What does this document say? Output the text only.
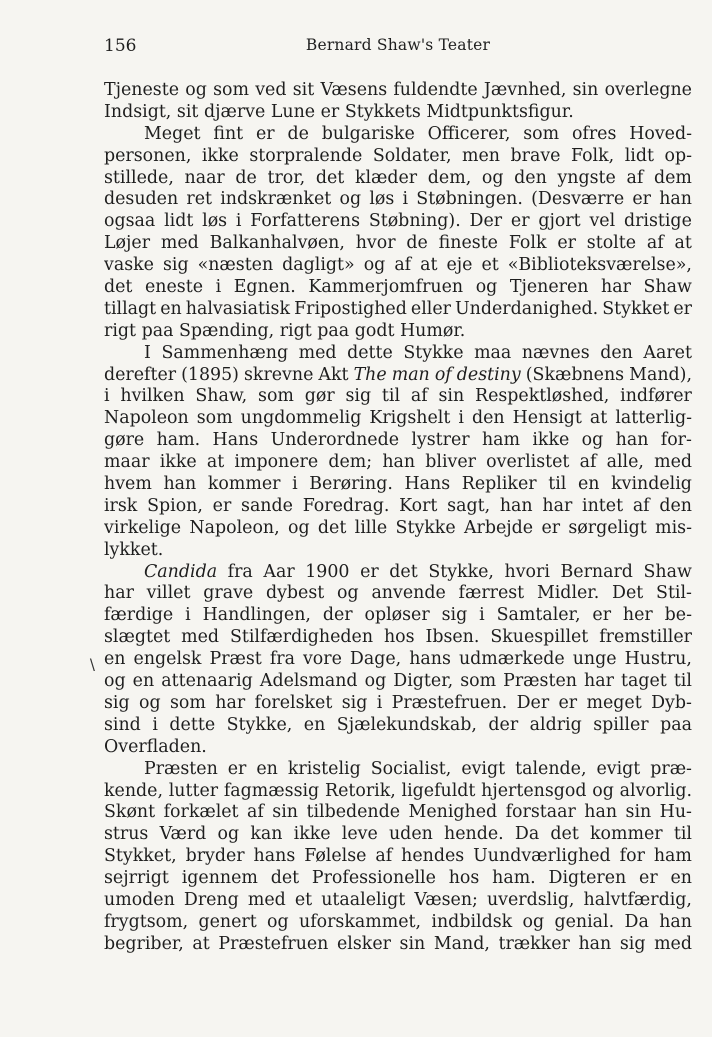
156	Bernard Shaw's Teater
∖
Tjeneste og som ved sit Væsens fuldendte Jævnhed, sin overlegne
Indsigt, sit djærve Lune er Stykkets Midtpunktsfigur.
Meget fint er de bulgariske Officerer, som ofres Hoved-
personen, ikke storpralende Soldater, men brave Folk, lidt op-
stillede, naar de tror, det klæder dem, og den yngste af dem
desuden ret indskrænket og løs i Støbningen. (Desværre er han
ogsaa lidt løs i Forfatterens Støbning). Der er gjort vel dristige
Løjer med Balkanhalvøen, hvor de fineste Folk er stolte af at
vaske sig «næsten dagligt» og af at eje et «Biblioteksværelse»,
det eneste i Egnen. Kammerjomfruen og Tjeneren har Shaw
tillagt en halvasiatisk Fripostighed eller Underdanighed. Stykket er
rigt paa Spænding, rigt paa godt Humør.
I Sammenhæng med dette Stykke maa nævnes den Aaret
derefter (1895) skrevne Akt The man of destiny (Skæbnens Mand),
i hvilken Shaw, som gør sig til af sin Respektløshed, indfører
Napoleon som ungdommelig Krigshelt i den Hensigt at latterlig-
gøre ham. Hans Underordnede lystrer ham ikke og han for-
maar ikke at imponere dem; han bliver overlistet af alle, med
hvem han kommer i Berøring. Hans Repliker til en kvindelig
irsk Spion, er sande Foredrag. Kort sagt, han har intet af den
virkelige Napoleon, og det lille Stykke Arbejde er sørgeligt mis-
lykket.
Candida fra Aar 1900 er det Stykke, hvori Bernard Shaw
har villet grave dybest og anvende færrest Midler. Det Stil-
færdige i Handlingen, der opløser sig i Samtaler, er her be-
slægtet med Stilfærdigheden hos Ibsen. Skuespillet fremstiller
en engelsk Præst fra vore Dage, hans udmærkede unge Hustru,
og en attenaarig Adelsmand og Digter, som Præsten har taget til
sig og som har forelsket sig i Præstefruen. Der er meget Dyb-
sind i dette Stykke, en Sjælekundskab, der aldrig spiller paa
Overfladen.
Præsten er en kristelig Socialist, evigt talende, evigt præ-
kende, lutter fagmæssig Retorik, ligefuldt hjertensgod og alvorlig.
Skønt forkælet af sin tilbedende Menighed forstaar han sin Hu-
strus Værd og kan ikke leve uden hende. Da det kommer til
Stykket, bryder hans Følelse af hendes Uundværlighed for ham
sejrrigt igennem det Professionelle hos ham. Digteren er en
umoden Dreng med et utaaleligt Væsen; uverdslig, halvtfærdig,
frygtsom, genert og uforskammet, indbildsk og genial. Da han
begriber, at Præstefruen elsker sin Mand, trækker han sig med
